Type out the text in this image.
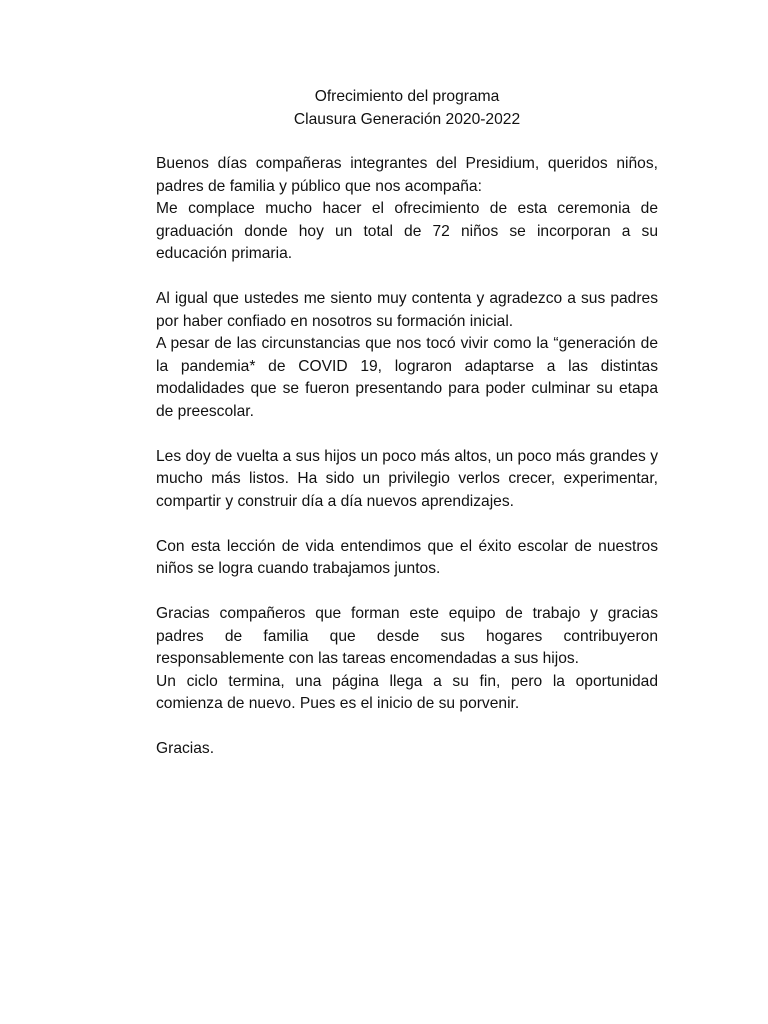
Ofrecimiento del programa
Clausura Generación 2020-2022

Buenos días compañeras integrantes del Presidium, queridos niños, padres de familia y público que nos acompaña:

Me complace mucho hacer el ofrecimiento de esta ceremonia de graduación donde hoy un total de 72 niños se incorporan a su educación primaria.

Al igual que ustedes me siento muy contenta y agradezco a sus padres por haber confiado en nosotros su formación inicial.

A pesar de las circunstancias que nos tocó vivir como la “generación de la pandemia* de COVID 19, lograron adaptarse a las distintas modalidades que se fueron presentando para poder culminar su etapa de preescolar.

Les doy de vuelta a sus hijos un poco más altos, un poco más grandes y mucho más listos. Ha sido un privilegio verlos crecer, experimentar, compartir y construir día a día nuevos aprendizajes.

Con esta lección de vida entendimos que el éxito escolar de nuestros niños se logra cuando trabajamos juntos.

Gracias compañeros que forman este equipo de trabajo y gracias padres de familia que desde sus hogares contribuyeron responsablemente con las tareas encomendadas a sus hijos.

Un ciclo termina, una página llega a su fin, pero la oportunidad comienza de nuevo. Pues es el inicio de su porvenir.

Gracias.
